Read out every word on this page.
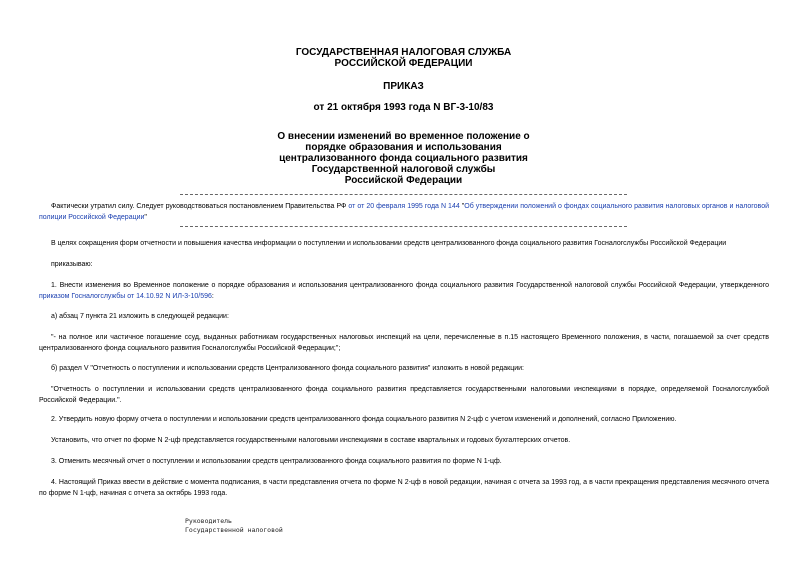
ГОСУДАРСТВЕННАЯ НАЛОГОВАЯ СЛУЖБА

РОССИЙСКОЙ ФЕДЕРАЦИИ

ПРИКАЗ

от 21 октября 1993 года N ВГ-3-10/83

О внесении изменений во временное положение о

порядке образования и использования

централизованного фонда социального развития

Государственной налоговой службы

Российской Федерации

Фактически утратил силу. Следует руководствоваться постановлением Правительства РФ от от 20 февраля 1995 года N 144 "Об утверждении положений о фондах социального развития налоговых органов и налоговой полиции Российской Федерации"

В целях сокращения форм отчетности и повышения качества информации о поступлении и использовании средств централизованного фонда социального развития Госналогслужбы Российской Федерации

приказываю:

1. Внести изменения во Временное положение о порядке образования и использования централизованного фонда социального развития Государственной налоговой службы Российской Федерации, утвержденного приказом Госналогслужбы от 14.10.92 N ИЛ-3-10/596:

а) абзац 7 пункта 21 изложить в следующей редакции:

"- на полное или частичное погашение ссуд, выданных работникам государственных налоговых инспекций на цели, перечисленные в п.15 настоящего Временного положения, в части, погашаемой за счет средств централизованного фонда социального развития Госналогслужбы Российской Федерации;";

б) раздел V "Отчетность о поступлении и использовании средств Централизованного фонда социального развития" изложить в новой редакции:

"Отчетность о поступлении и использовании средств централизованного фонда социального развития представляется государственными налоговыми инспекциями в порядке, определяемой Госналогслужбой Российской Федерации.".

2. Утвердить новую форму отчета о поступлении и использовании средств централизованного фонда социального развития N 2-цф с учетом изменений и дополнений, согласно Приложению.

Установить, что отчет по форме N 2-цф представляется государственными налоговыми инспекциями в составе квартальных и годовых бухгалтерских отчетов.

3. Отменить месячный отчет о поступлении и использовании средств централизованного фонда социального развития по форме N 1-цф.

4. Настоящий Приказ ввести в действие с момента подписания, в части представления отчета по форме N 2-цф в новой редакции, начиная с отчета за 1993 год, а в части прекращения представления месячного отчета по форме N 1-цф, начиная с отчета за октябрь 1993 года.

Руководитель

Государственной налоговой
